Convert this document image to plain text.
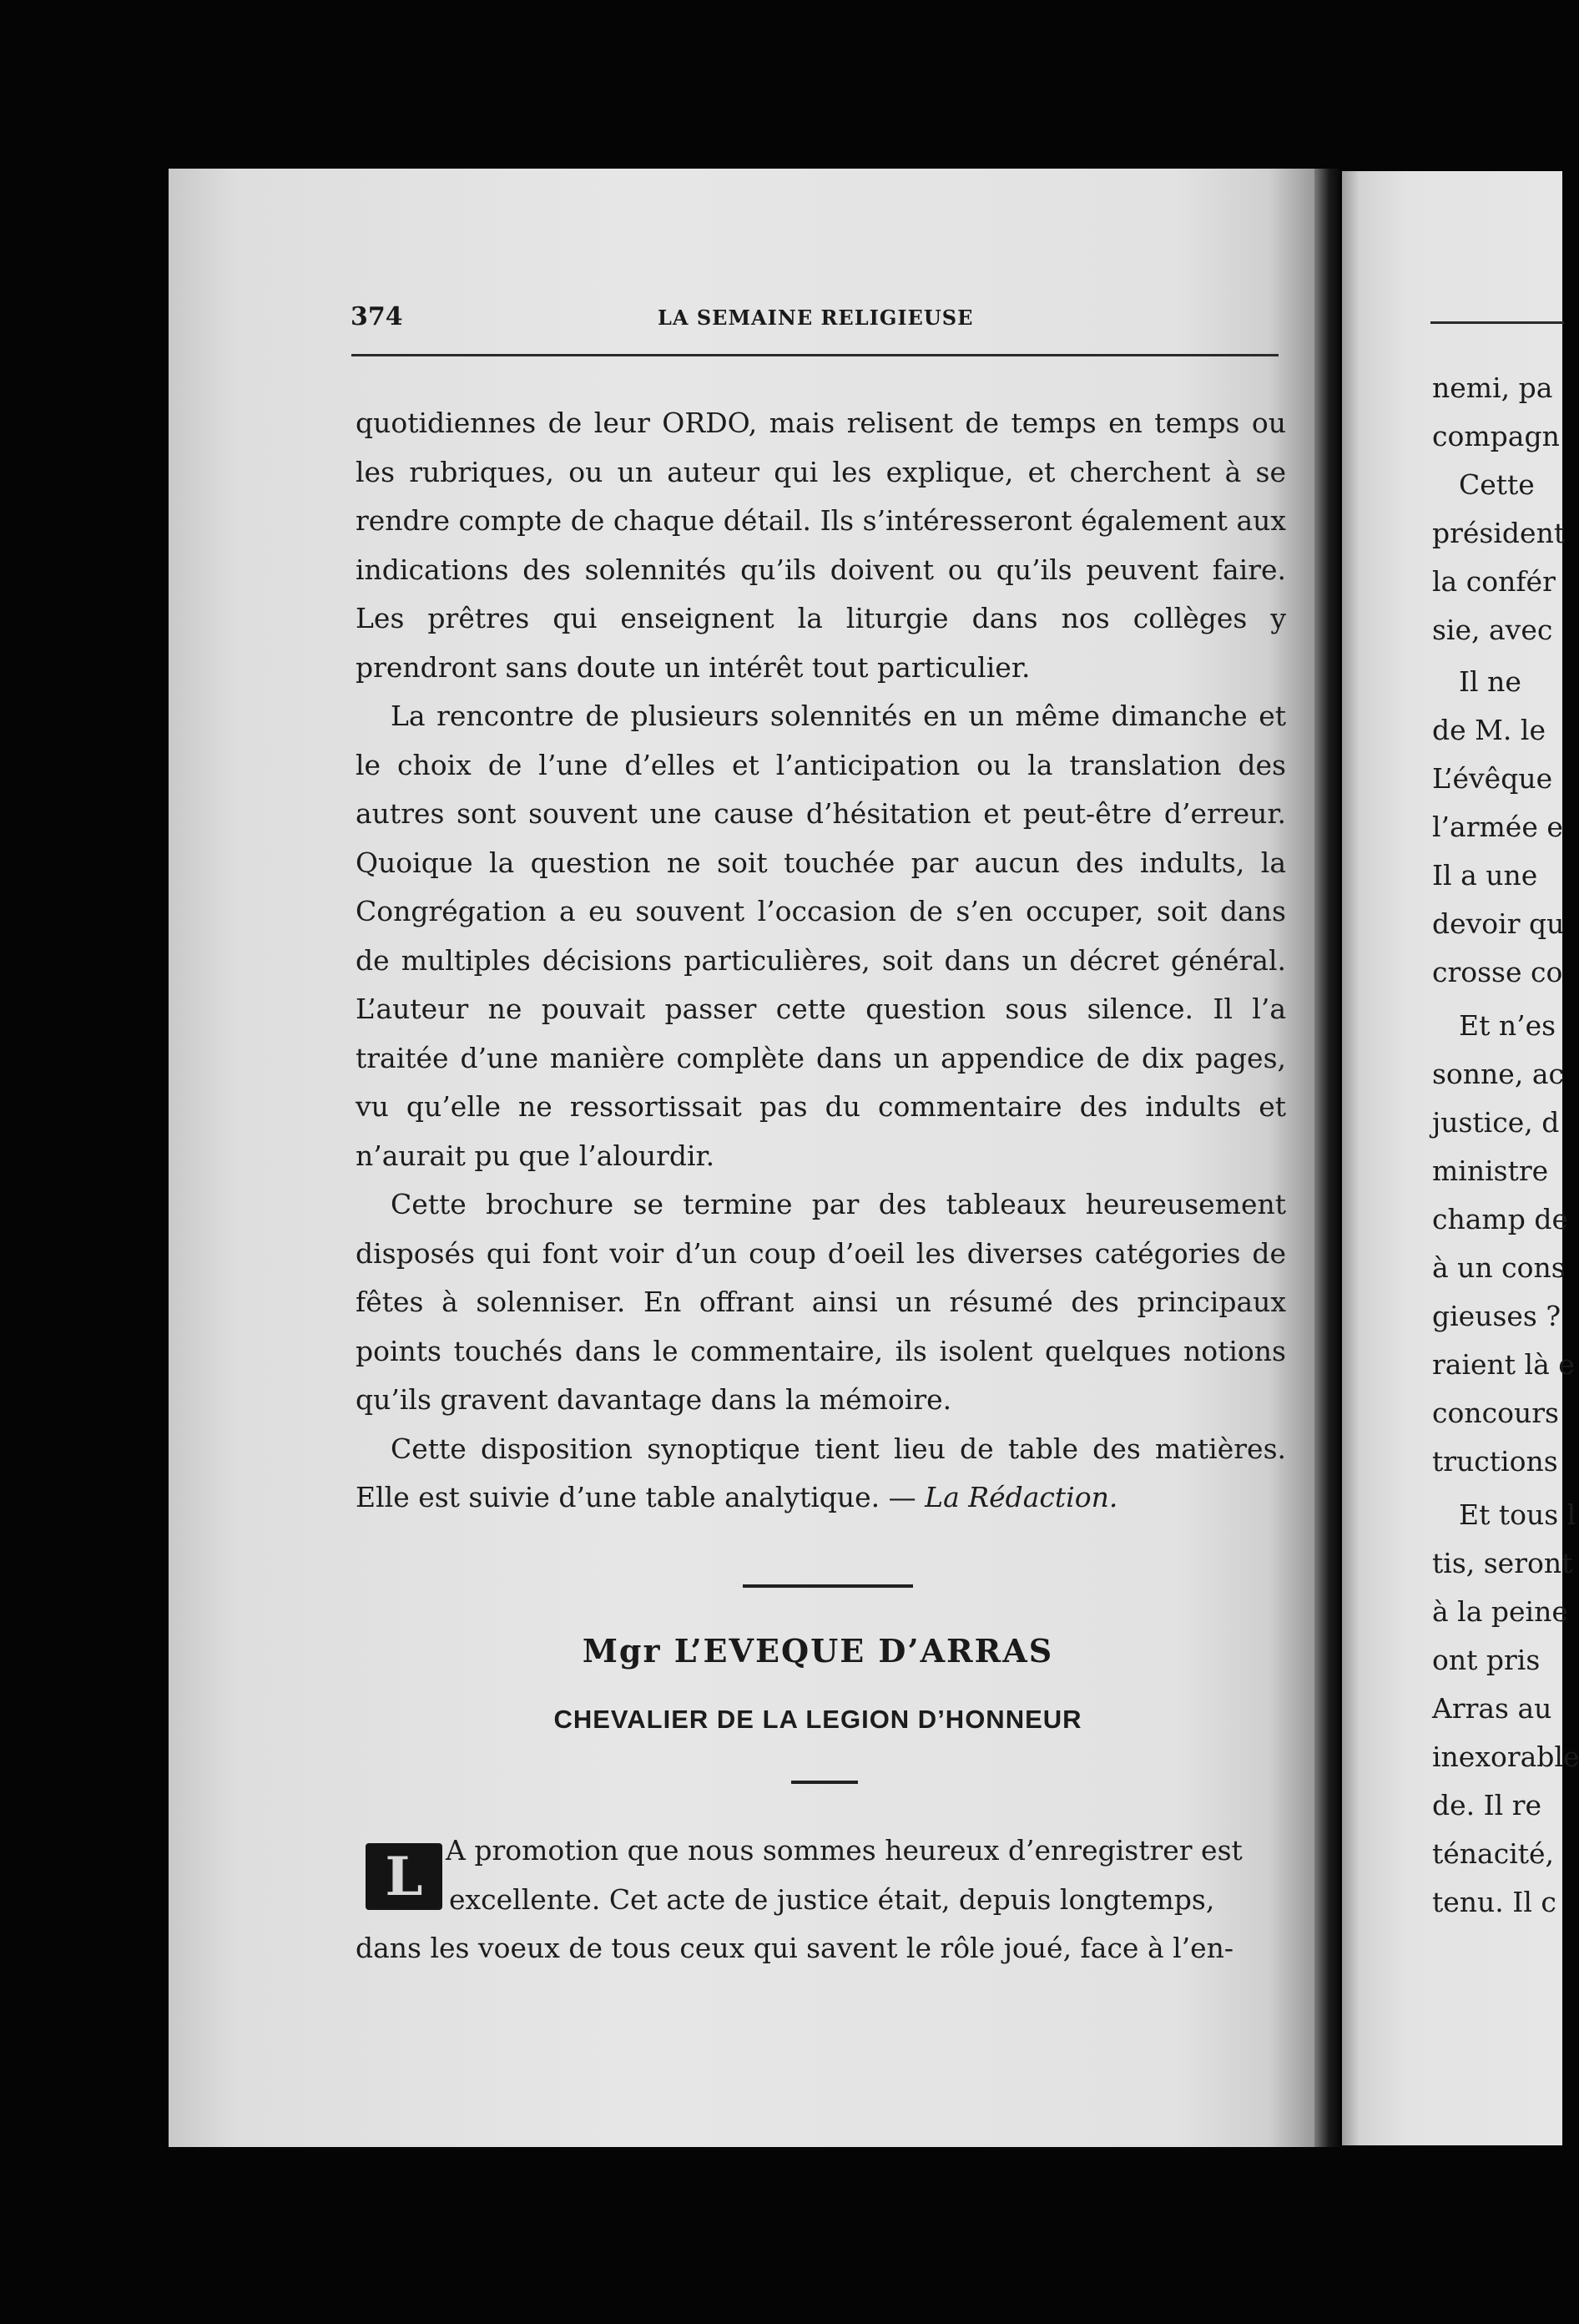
nemi, pa
compagn
Cette
président
la confér
sie, avec
Il ne
de M. le
L’évêque
l’armée e
Il a une
devoir qu
crosse co
Et n’es
sonne, ac
justice, d
ministre
champ de
à un cons
gieuses ?
raient là e
concours
tructions
Et tous l
tis, seront
à la peine
ont pris
Arras au
inexorable
de. Il re
ténacité,
tenu. Il c
374	LA SEMAINE RELIGIEUSE

quotidiennes de leur ORDO, mais relisent de temps en temps ou les rubriques, ou un auteur qui les explique, et cherchent à se rendre compte de chaque détail. Ils s’intéresseront également aux indications des solennités qu’ils doivent ou qu’ils peuvent faire. Les prêtres qui enseignent la liturgie dans nos collèges y prendront sans doute un intérêt tout particulier.

La rencontre de plusieurs solennités en un même dimanche et le choix de l’une d’elles et l’anticipation ou la translation des autres sont souvent une cause d’hésitation et peut-être d’erreur. Quoique la question ne soit touchée par aucun des indults, la Congrégation a eu souvent l’occasion de s’en occuper, soit dans de multiples décisions particulières, soit dans un décret général. L’auteur ne pouvait passer cette question sous silence. Il l’a traitée d’une manière complète dans un appendice de dix pages, vu qu’elle ne ressortissait pas du commentaire des indults et n’aurait pu que l’alourdir.

Cette brochure se termine par des tableaux heureusement disposés qui font voir d’un coup d’oeil les diverses catégories de fêtes à solenniser. En offrant ainsi un résumé des principaux points touchés dans le commentaire, ils isolent quelques notions qu’ils gravent davantage dans la mémoire.

Cette disposition synoptique tient lieu de table des matières. Elle est suivie d’une table analytique. — La Rédaction.

Mgr L’EVEQUE D’ARRAS
CHEVALIER DE LA LEGION D’HONNEUR
L A promotion que nous sommes heureux d’enregistrer est
excellente. Cet acte de justice était, depuis longtemps,
dans les voeux de tous ceux qui savent le rôle joué, face à l’en-
